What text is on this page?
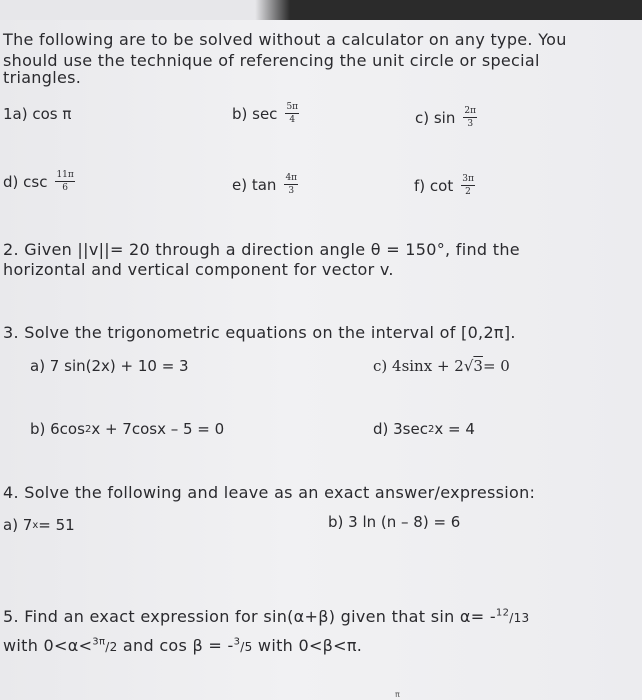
The following are to be solved without a calculator on any type. You
should use the technique of referencing the unit circle or special
triangles.
1a) cos π	b) $\sec \frac{5\pi}{4}$	c) $\sin \frac{2\pi}{3}$
d) $\csc \frac{11\pi}{6}$	e) $\tan \frac{4\pi}{3}$	f) $\cot \frac{3\pi}{2}$
2. Given ||v||= 20 through a direction angle θ = 150°, find the
horizontal and vertical component for vector v.
3. Solve the trigonometric equations on the interval of [0,2π].
a) 7 sin(2x) + 10 = 3	c) 4sinx + 2 √ 3 = 0
b) 6cos 2 x + 7cosx – 5 = 0	d) 3sec 2 x = 4
4. Solve the following and leave as an exact answer/expression:
a) 7 x = 51	b) 3 ln (n – 8) = 6
5. Find an exact expression for sin(α+β) given that sin α= -$^{12}$/13
with 0<α<$^{3\pi}$/2 and cos β = -$^3$/5 with 0<β<π.
π
